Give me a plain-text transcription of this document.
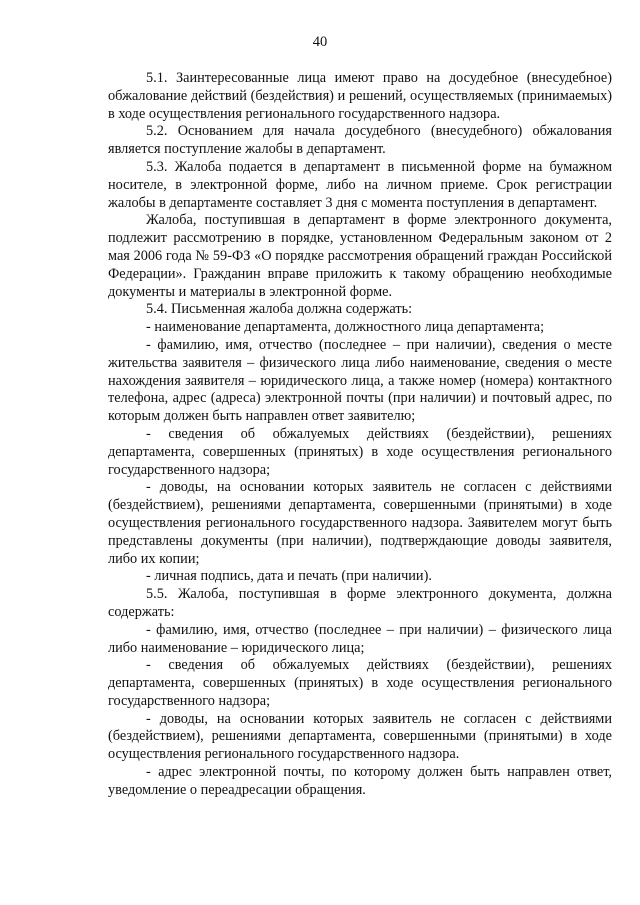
40

5.1. Заинтересованные лица имеют право на досудебное (внесудебное) обжалование действий (бездействия) и решений, осуществляемых (принимаемых) в ходе осуществления регионального государственного надзора.

5.2. Основанием для начала досудебного (внесудебного) обжалования является поступление жалобы в департамент.

5.3. Жалоба подается в департамент в письменной форме на бумажном носителе, в электронной форме, либо на личном приеме. Срок регистрации жалобы в департаменте составляет 3 дня с момента поступления в департамент.

Жалоба, поступившая в департамент в форме электронного документа, подлежит рассмотрению в порядке, установленном Федеральным законом от 2 мая 2006 года № 59-ФЗ «О порядке рассмотрения обращений граждан Российской Федерации». Гражданин вправе приложить к такому обращению необходимые документы и материалы в электронной форме.

5.4. Письменная жалоба должна содержать:

- наименование департамента, должностного лица департамента;

- фамилию, имя, отчество (последнее – при наличии), сведения о месте жительства заявителя – физического лица либо наименование, сведения о месте нахождения заявителя – юридического лица, а также номер (номера) контактного телефона, адрес (адреса) электронной почты (при наличии) и почтовый адрес, по которым должен быть направлен ответ заявителю;

- сведения об обжалуемых действиях (бездействии), решениях департамента, совершенных (принятых) в ходе осуществления регионального государственного надзора;

- доводы, на основании которых заявитель не согласен с действиями (бездействием), решениями департамента, совершенными (принятыми) в ходе осуществления регионального государственного надзора. Заявителем могут быть представлены документы (при наличии), подтверждающие доводы заявителя, либо их копии;

- личная подпись, дата и печать (при наличии).

5.5. Жалоба, поступившая в форме электронного документа, должна содержать:

- фамилию, имя, отчество (последнее – при наличии) – физического лица либо наименование – юридического лица;

- сведения об обжалуемых действиях (бездействии), решениях департамента, совершенных (принятых) в ходе осуществления регионального государственного надзора;

- доводы, на основании которых заявитель не согласен с действиями (бездействием), решениями департамента, совершенными (принятыми) в ходе осуществления регионального государственного надзора.

- адрес электронной почты, по которому должен быть направлен ответ, уведомление о переадресации обращения.
